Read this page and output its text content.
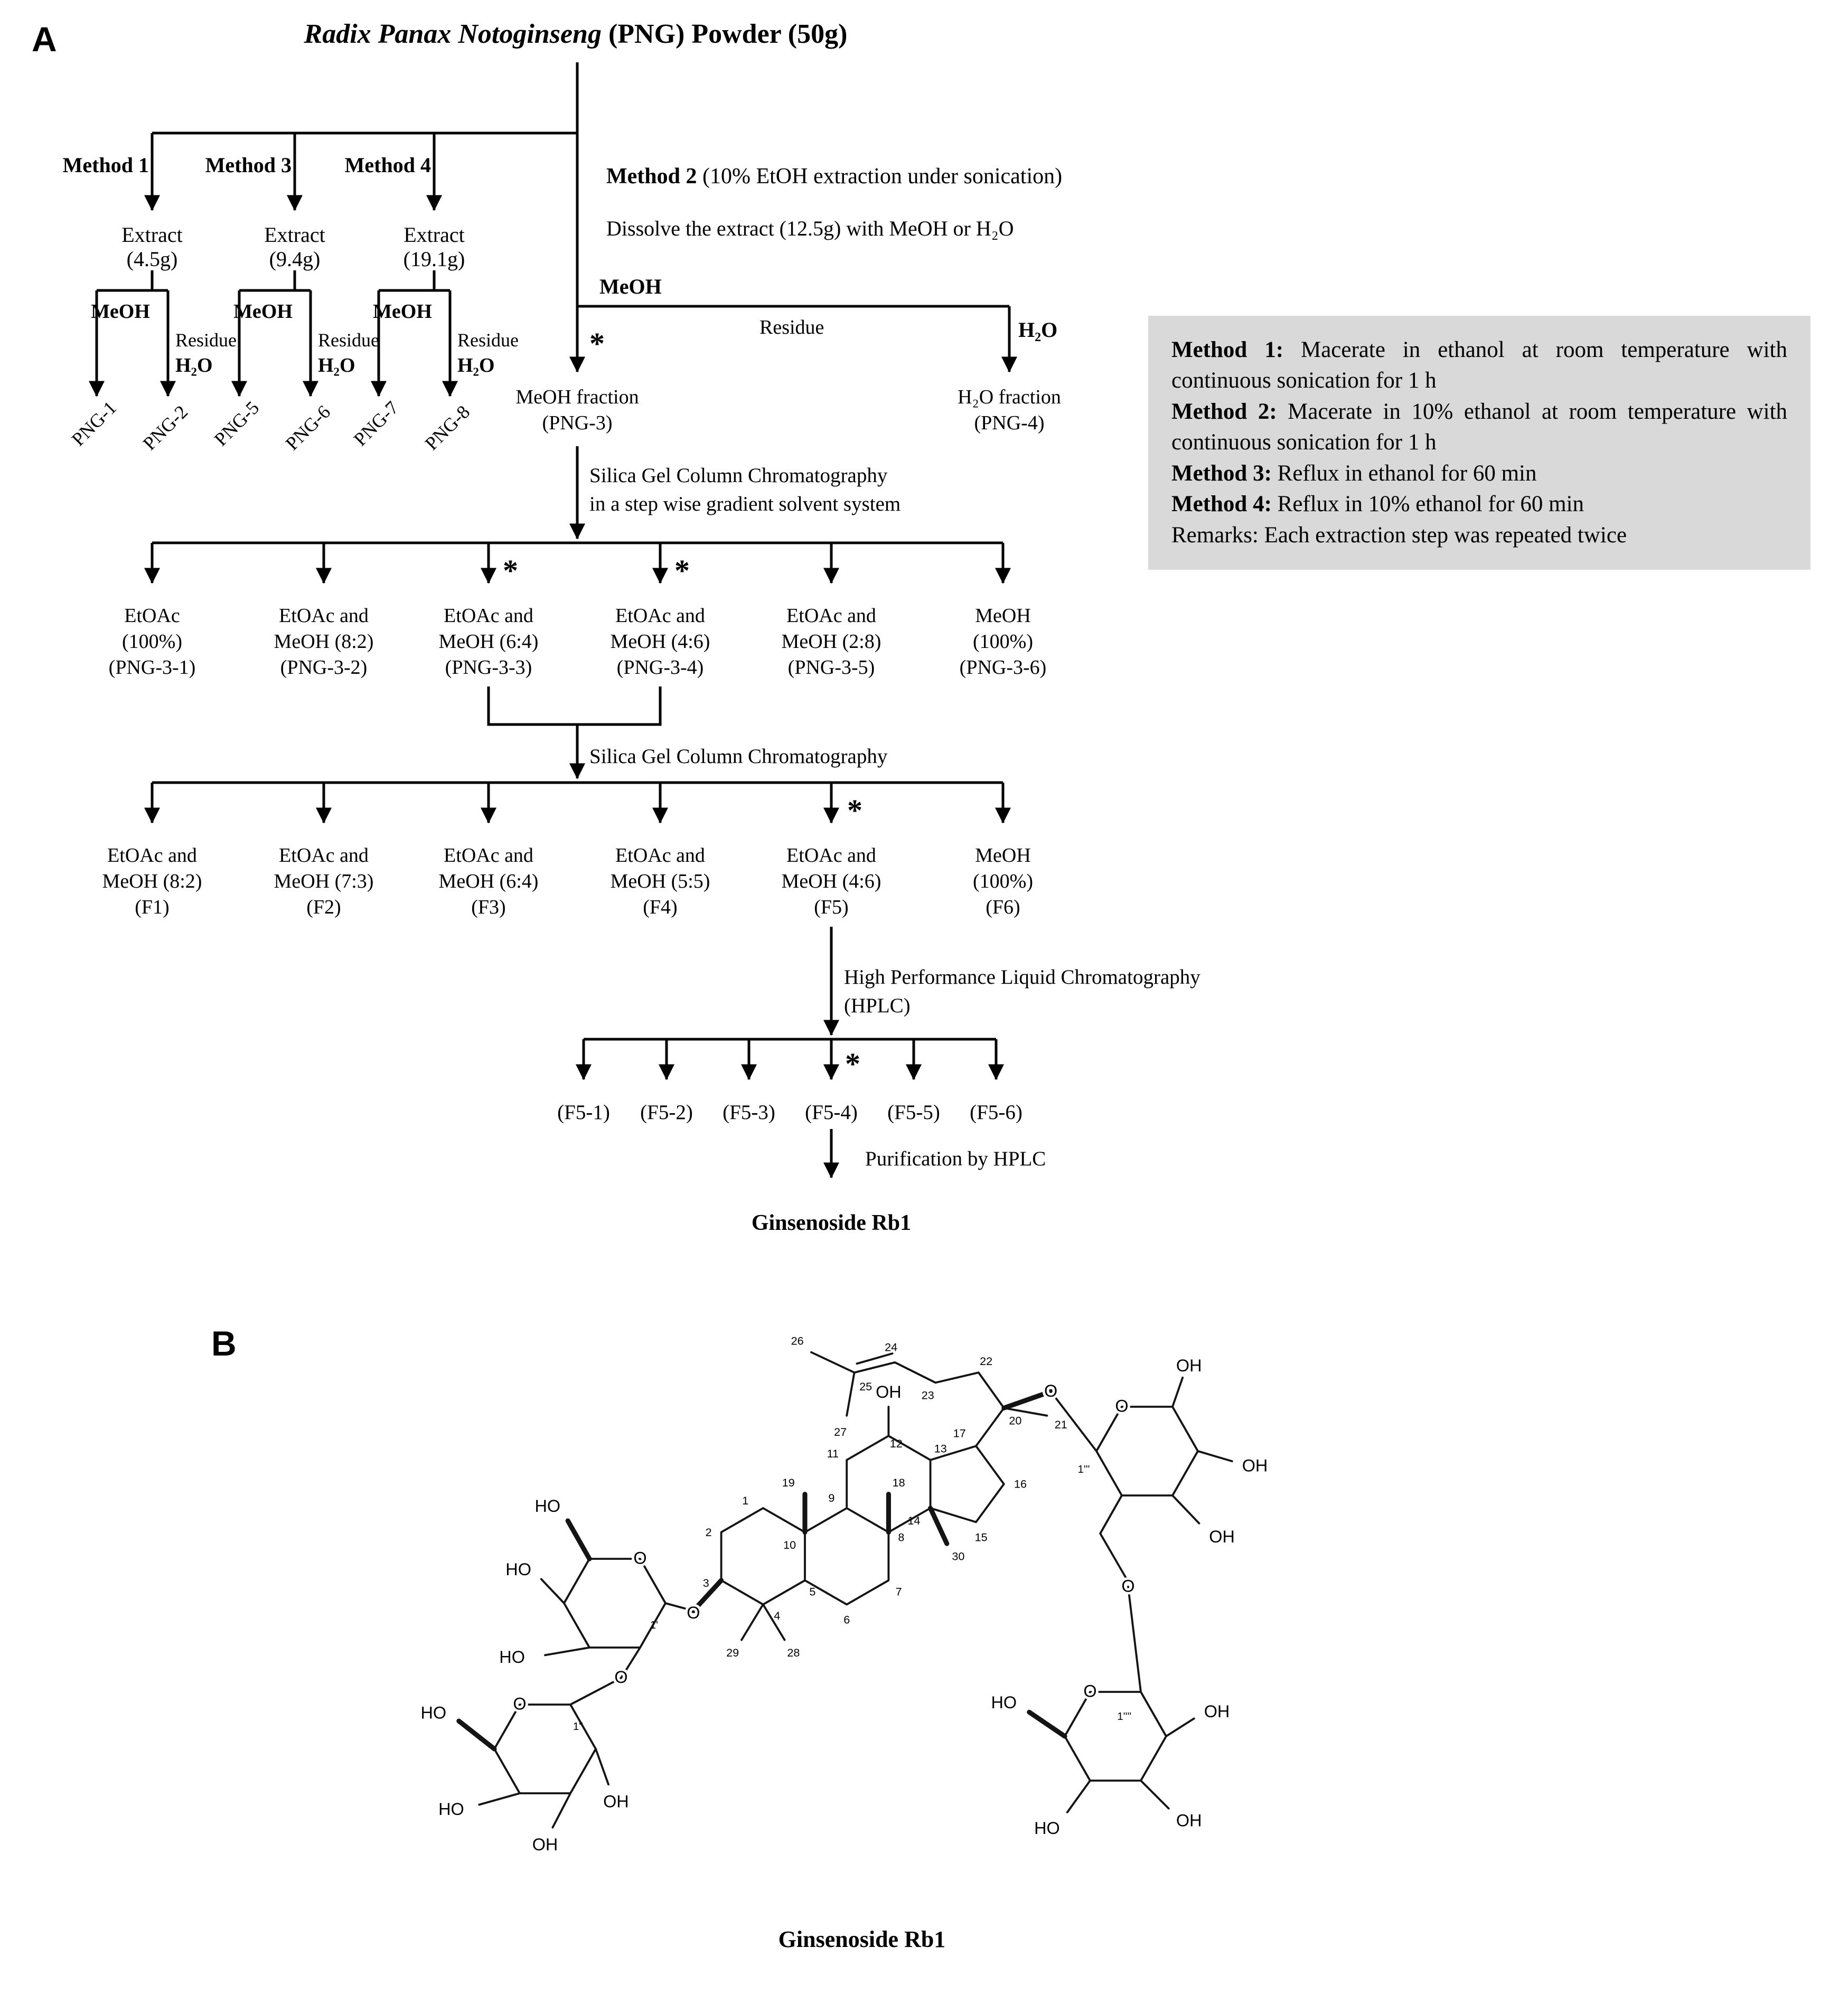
A	Radix Panax Notoginseng (PNG) Powder (50g)
Method 1	Method 3	Method 4
Extract
(4.5g)
Extract
(9.4g)
Extract
(19.1g)
MeOH
Residue
H₂O
MeOH
Residue
H₂O
MeOH
Residue
H₂O
PNG-1 PNG-2 PNG-5 PNG-6 PNG-7 PNG-8
Method 2 (10% EtOH extraction under sonication)
Dissolve the extract (12.5g) with MeOH or H₂O
MeOH
Residue	H₂O
*
MeOH fraction
(PNG-3)
H₂O fraction
(PNG-4)
Silica Gel Column Chromatography
in a step wise gradient solvent system
*	*
EtOAc
(100%)
(PNG-3-1)
EtOAc and
MeOH (8:2)
(PNG-3-2)
EtOAc and
MeOH (6:4)
(PNG-3-3)
EtOAc and
MeOH (4:6)
(PNG-3-4)
EtOAc and
MeOH (2:8)
(PNG-3-5)
MeOH
(100%)
(PNG-3-6)
Silica Gel Column Chromatography
*
EtOAc and
MeOH (8:2)
(F1)
EtOAc and
MeOH (7:3)
(F2)
EtOAc and
MeOH (6:4)
(F3)
EtOAc and
MeOH (5:5)
(F4)
EtOAc and
MeOH (4:6)
(F5)
MeOH
(100%)
(F6)
High Performance Liquid Chromatography
(HPLC)
*
(F5-1)	(F5-2)	(F5-3)	(F5-4)	(F5-5)	(F5-6)
Purification by HPLC
Ginsenoside Rb1

Method 1: Macerate in ethanol at room temperature with continuous sonication for 1 h

Method 2: Macerate in 10% ethanol at room temperature with continuous sonication for 1 h

Method 3: Reflux in ethanol for 60 min

Method 4: Reflux in 10% ethanol for 60 min

Remarks: Each extraction step was repeated twice

B
OH
O
O
O
O
O
O
O
O
HO
HO
HO
HO
HO
OH
OH
OH
OH
OH
HO	OH
OH
HO
1
2
3
4
5
6
7
8
9
10
11
12	13
14
15
16
17
18
19
20	21
22
23
24
25
26
27
28
29
30
1'
1''
1'''
1''''
Ginsenoside Rb1
